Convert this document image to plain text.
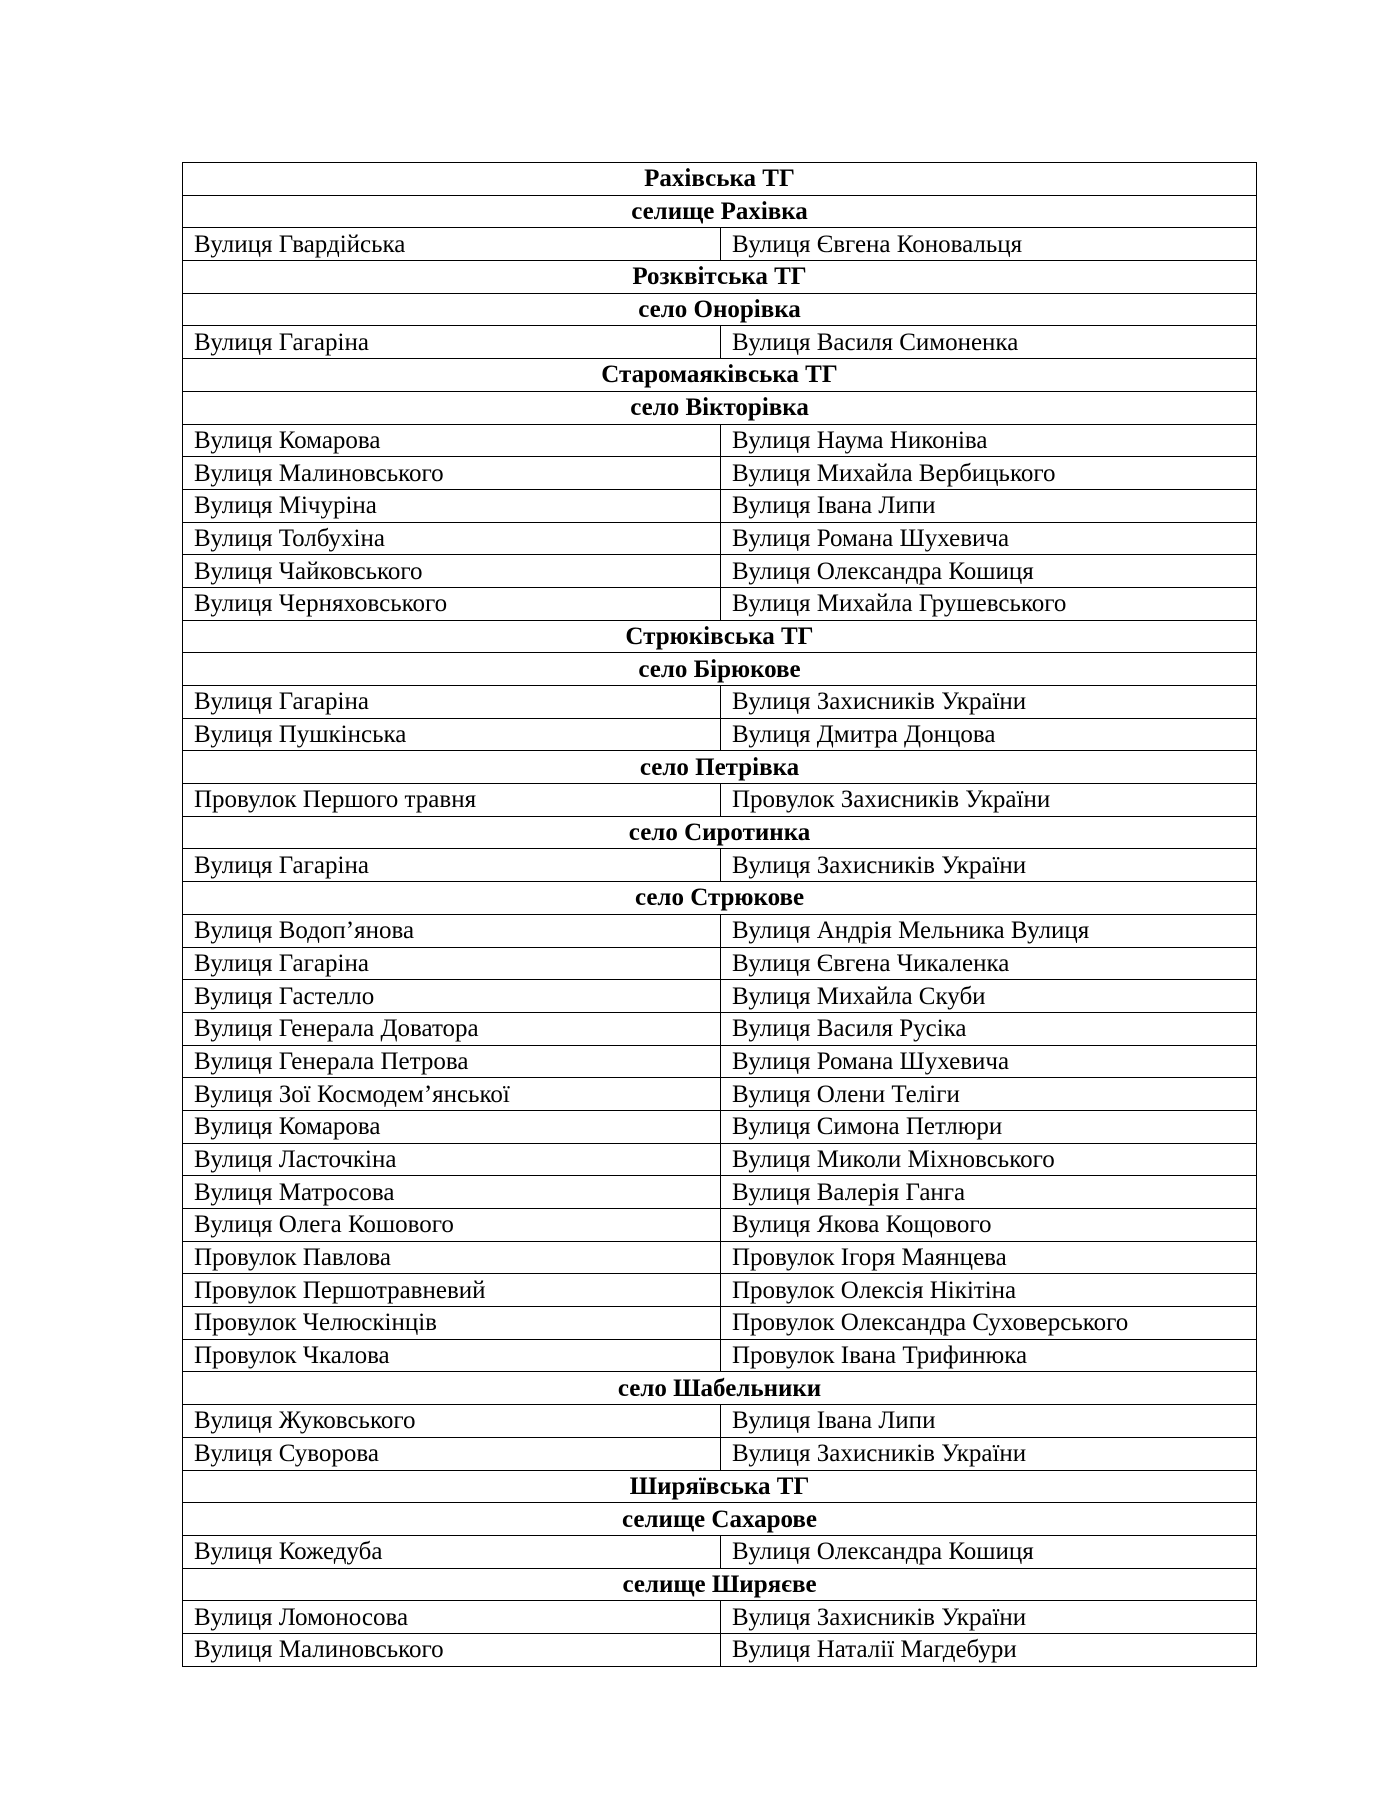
Рахівська ТГ	
селище Рахівка	
Вулиця Гвардійська	Вулиця Євгена Коновальця
Розквітська ТГ	
село Онорівка	
Вулиця Гагаріна	Вулиця Василя Симоненка
Старомаяківська ТГ	
село Вікторівка	
Вулиця Комарова	Вулиця Наума Никоніва
Вулиця Малиновського	Вулиця Михайла Вербицького
Вулиця Мічуріна	Вулиця Івана Липи
Вулиця Толбухіна	Вулиця Романа Шухевича
Вулиця Чайковського	Вулиця Олександра Кошиця
Вулиця Черняховського	Вулиця Михайла Грушевського
Стрюківська ТГ	
село Бірюкове	
Вулиця Гагаріна	Вулиця Захисників України
Вулиця Пушкінська	Вулиця Дмитра Донцова
село Петрівка	
Провулок Першого травня	Провулок Захисників України
село Сиротинка	
Вулиця Гагаріна	Вулиця Захисників України
село Стрюкове	
Вулиця Водоп’янова	Вулиця Андрія Мельника Вулиця
Вулиця Гагаріна	Вулиця Євгена Чикаленка
Вулиця Гастелло	Вулиця Михайла Скуби
Вулиця Генерала Доватора	Вулиця Василя Русіка
Вулиця Генерала Петрова	Вулиця Романа Шухевича
Вулиця Зої Космодем’янської	Вулиця Олени Теліги
Вулиця Комарова	Вулиця Симона Петлюри
Вулиця Ласточкіна	Вулиця Миколи Міхновського
Вулиця Матросова	Вулиця Валерія Ганга
Вулиця Олега Кошового	Вулиця Якова Кощового
Провулок Павлова	Провулок Ігоря Маянцева
Провулок Першотравневий	Провулок Олексія Нікітіна
Провулок Челюскінців	Провулок Олександра Суховерського
Провулок Чкалова	Провулок Івана Трифинюка
село Шабельники	
Вулиця Жуковського	Вулиця Івана Липи
Вулиця Суворова	Вулиця Захисників України
Ширяївська ТГ	
селище Сахарове	
Вулиця Кожедуба	Вулиця Олександра Кошиця
селище Ширяєве	
Вулиця Ломоносова	Вулиця Захисників України
Вулиця Малиновського	Вулиця Наталії Магдебури
